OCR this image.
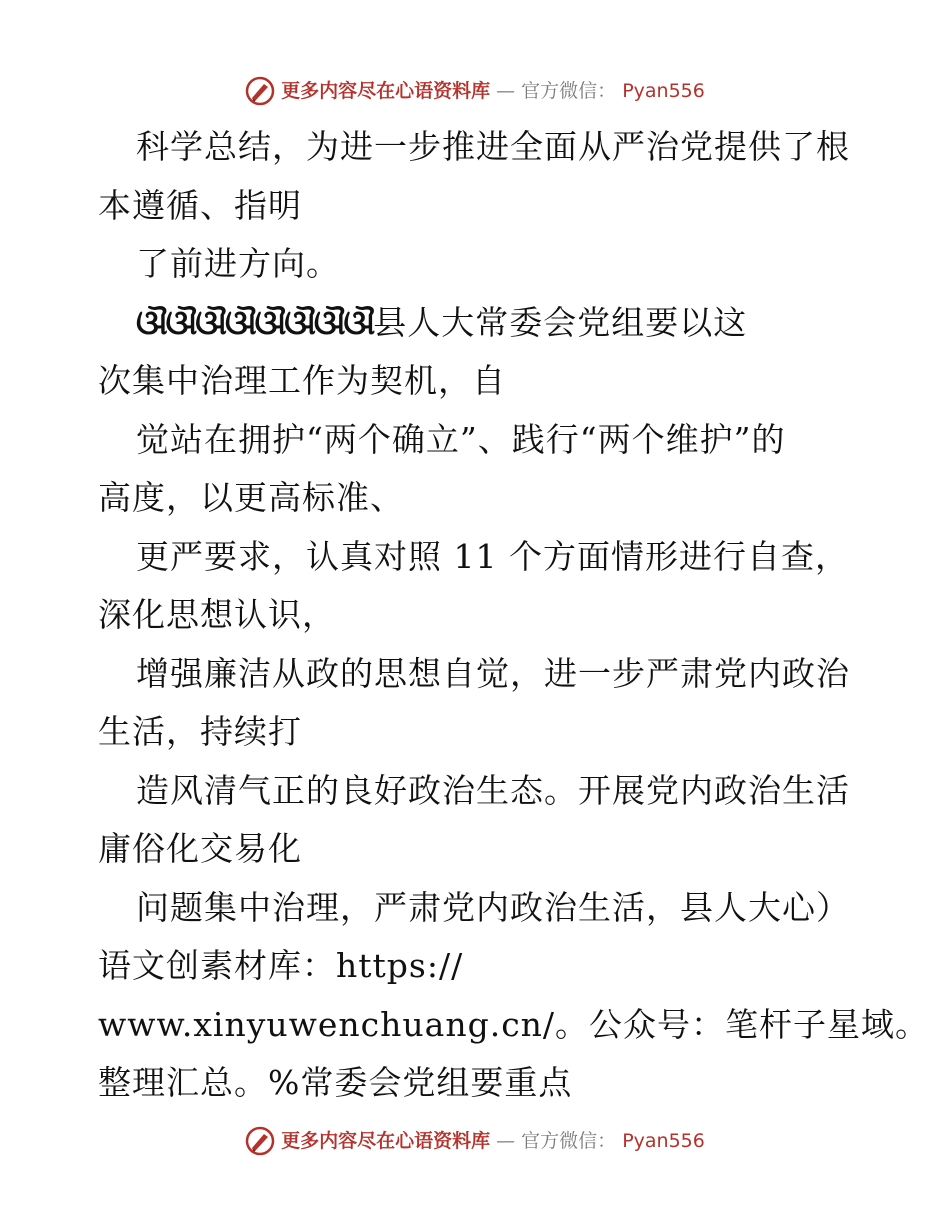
更多内容尽在心语资料库 — 官方微信： Pyan556
科学总结，为进一步推进全面从严治党提供了根
本遵循、指明
了前进方向。
ଔଔଔଔଔଔଔଔ县人大常委会党组要以这
次集中治理工作为契机，自
觉站在拥护“两个确立”、践行“两个维护”的
高度，以更高标准、
更严要求，认真对照 11 个方面情形进行自查，
深化思想认识，
增强廉洁从政的思想自觉，进一步严肃党内政治
生活，持续打
造风清气正的良好政治生态。开展党内政治生活
庸俗化交易化
问题集中治理，严肃党内政治生活，县人大心）
语文创素材库：https://
www.xinyuwenchuang.cn/。公众号：笔杆子星域。
整理汇总。%常委会党组要重点
更多内容尽在心语资料库 — 官方微信： Pyan556
